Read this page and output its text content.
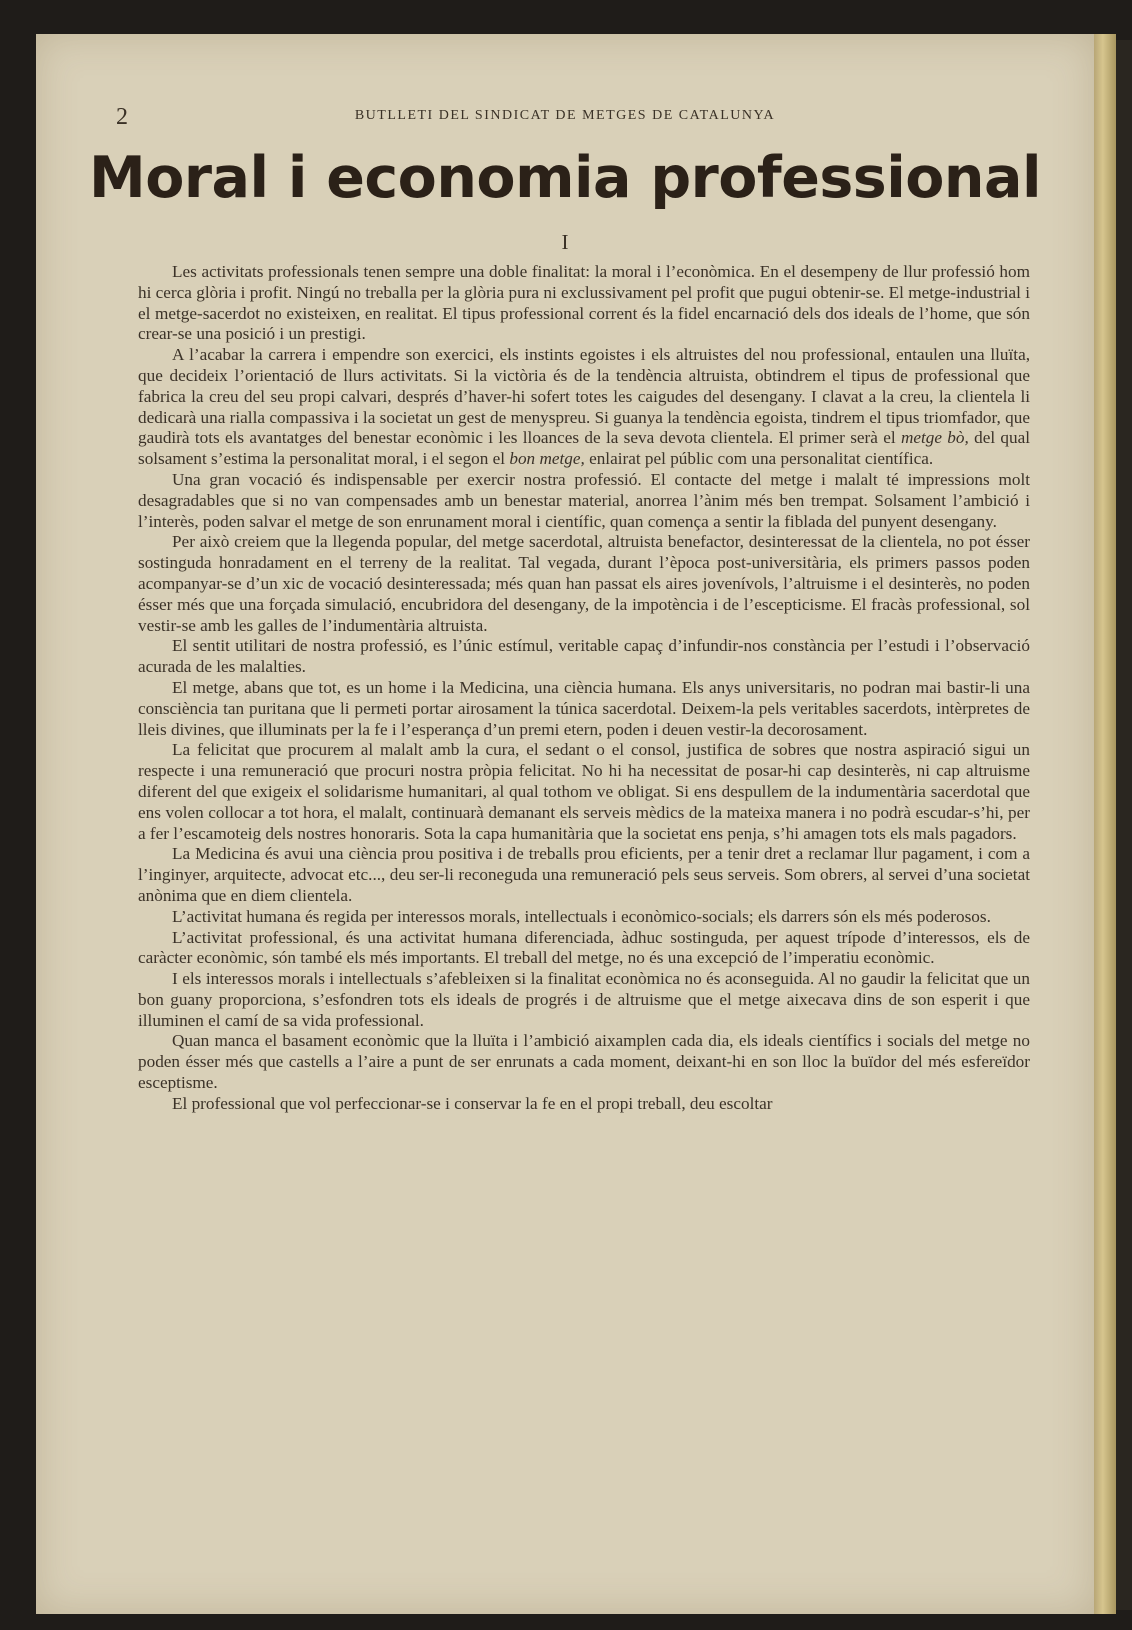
2	BUTLLETI DEL SINDICAT DE METGES DE CATALUNYA
Moral i economia professional
I

Les activitats professionals tenen sempre una doble finalitat: la moral i l’econòmica. En el desempeny de llur professió hom hi cerca glòria i profit. Ningú no treballa per la glòria pura ni exclussivament pel profit que pugui obtenir-se. El metge-industrial i el metge-sacerdot no existeixen, en realitat. El tipus professional corrent és la fidel encarnació dels dos ideals de l’home, que són crear-se una posició i un prestigi.

A l’acabar la carrera i empendre son exercici, els instints egoistes i els altruistes del nou professional, entaulen una lluïta, que decideix l’orientació de llurs activitats. Si la victòria és de la tendència altruista, obtindrem el tipus de professional que fabrica la creu del seu propi calvari, després d’haver-hi sofert totes les caigudes del desengany. I clavat a la creu, la clientela li dedicarà una rialla compassiva i la societat un gest de menyspreu. Si guanya la tendència egoista, tindrem el tipus triomfador, que gaudirà tots els avantatges del benestar econòmic i les lloances de la seva devota clientela. El primer serà el metge bò, del qual solsament s’estima la personalitat moral, i el segon el bon metge, enlairat pel públic com una personalitat científica.

Una gran vocació és indispensable per exercir nostra professió. El contacte del metge i malalt té impressions molt desagradables que si no van compensades amb un benestar material, anorrea l’ànim més ben trempat. Solsament l’ambició i l’interès, poden salvar el metge de son enrunament moral i científic, quan comença a sentir la fiblada del punyent desengany.

Per això creiem que la llegenda popular, del metge sacerdotal, altruista benefactor, desinteressat de la clientela, no pot ésser sostinguda honradament en el terreny de la realitat. Tal vegada, durant l’època post-universitària, els primers passos poden acompanyar-se d’un xic de vocació desinteressada; més quan han passat els aires jovenívols, l’altruisme i el desinterès, no poden ésser més que una forçada simulació, encubridora del desengany, de la impotència i de l’escepticisme. El fracàs professional, sol vestir-se amb les galles de l’indumentària altruista.

El sentit utilitari de nostra professió, es l’únic estímul, veritable capaç d’infundir-nos constància per l’estudi i l’observació acurada de les malalties.

El metge, abans que tot, es un home i la Medicina, una ciència humana. Els anys universitaris, no podran mai bastir-li una consciència tan puritana que li permeti portar airosament la túnica sacerdotal. Deixem-la pels veritables sacerdots, intèrpretes de lleis divines, que illuminats per la fe i l’esperança d’un premi etern, poden i deuen vestir-la decorosament.

La felicitat que procurem al malalt amb la cura, el sedant o el consol, justifica de sobres que nostra aspiració sigui un respecte i una remuneració que procuri nostra pròpia felicitat. No hi ha necessitat de posar-hi cap desinterès, ni cap altruisme diferent del que exigeix el solidarisme humanitari, al qual tothom ve obligat. Si ens despullem de la indumentària sacerdotal que ens volen collocar a tot hora, el malalt, continuarà demanant els serveis mèdics de la mateixa manera i no podrà escudar-s’hi, per a fer l’escamoteig dels nostres honoraris. Sota la capa humanitària que la societat ens penja, s’hi amagen tots els mals pagadors.

La Medicina és avui una ciència prou positiva i de treballs prou eficients, per a tenir dret a reclamar llur pagament, i com a l’inginyer, arquitecte, advocat etc..., deu ser-li reconeguda una remuneració pels seus serveis. Som obrers, al servei d’una societat anònima que en diem clientela.

L’activitat humana és regida per interessos morals, intellectuals i econòmico-socials; els darrers són els més poderosos.

L’activitat professional, és una activitat humana diferenciada, àdhuc sostinguda, per aquest trípode d’interessos, els de caràcter econòmic, són també els més importants. El treball del metge, no és una excepció de l’imperatiu econòmic.

I els interessos morals i intellectuals s’afebleixen si la finalitat econòmica no és aconseguida. Al no gaudir la felicitat que un bon guany proporciona, s’esfondren tots els ideals de progrés i de altruisme que el metge aixecava dins de son esperit i que illuminen el camí de sa vida professional.

Quan manca el basament econòmic que la lluïta i l’ambició aixamplen cada dia, els ideals científics i socials del metge no poden ésser més que castells a l’aire a punt de ser enrunats a cada moment, deixant-hi en son lloc la buïdor del més esfereïdor esceptisme.

El professional que vol perfeccionar-se i conservar la fe en el propi treball, deu escoltar
